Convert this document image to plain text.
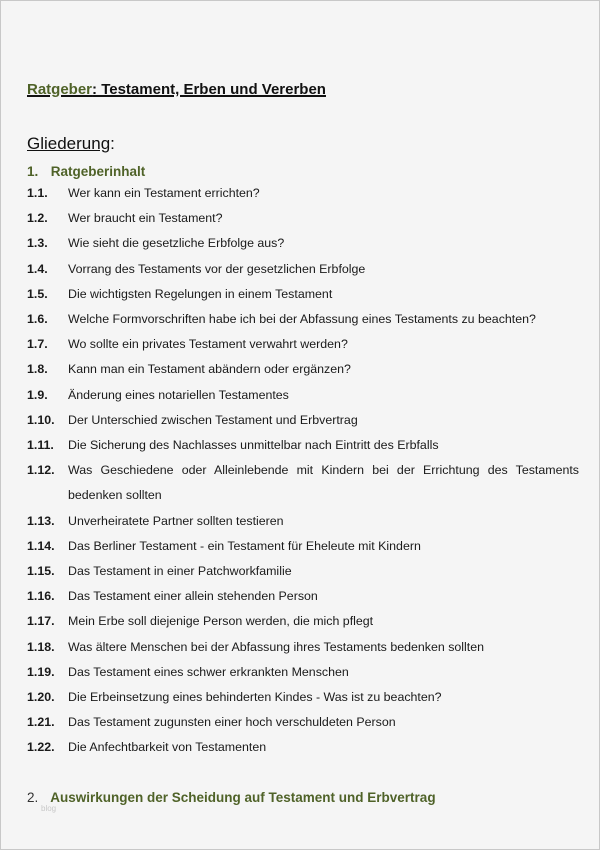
Ratgeber: Testament, Erben und Vererben
Gliederung:
1. Ratgeberinhalt
1.1.	Wer kann ein Testament errichten?
1.2.	Wer braucht ein Testament?
1.3.	Wie sieht die gesetzliche Erbfolge aus?
1.4.	Vorrang des Testaments vor der gesetzlichen Erbfolge
1.5.	Die wichtigsten Regelungen in einem Testament
1.6.	Welche Formvorschriften habe ich bei der Abfassung eines Testaments zu beachten?
1.7.	Wo sollte ein privates Testament verwahrt werden?
1.8.	Kann man ein Testament abändern oder ergänzen?
1.9.	Änderung eines notariellen Testamentes
1.10.	Der Unterschied zwischen Testament und Erbvertrag
1.11.	Die Sicherung des Nachlasses unmittelbar nach Eintritt des Erbfalls
1.12.	Was Geschiedene oder Alleinlebende mit Kindern bei der Errichtung des Testaments bedenken sollten
1.13.	Unverheiratete Partner sollten testieren
1.14.	Das Berliner Testament - ein Testament für Eheleute mit Kindern
1.15.	Das Testament in einer Patchworkfamilie
1.16.	Das Testament einer allein stehenden Person
1.17.	Mein Erbe soll diejenige Person werden, die mich pflegt
1.18.	Was ältere Menschen bei der Abfassung ihres Testaments bedenken sollten
1.19.	Das Testament eines schwer erkrankten Menschen
1.20.	Die Erbeinsetzung eines behinderten Kindes - Was ist zu beachten?
1.21.	Das Testament zugunsten einer hoch verschuldeten Person
1.22.	Die Anfechtbarkeit von Testamenten
2. Auswirkungen der Scheidung auf Testament und Erbvertrag
blog
